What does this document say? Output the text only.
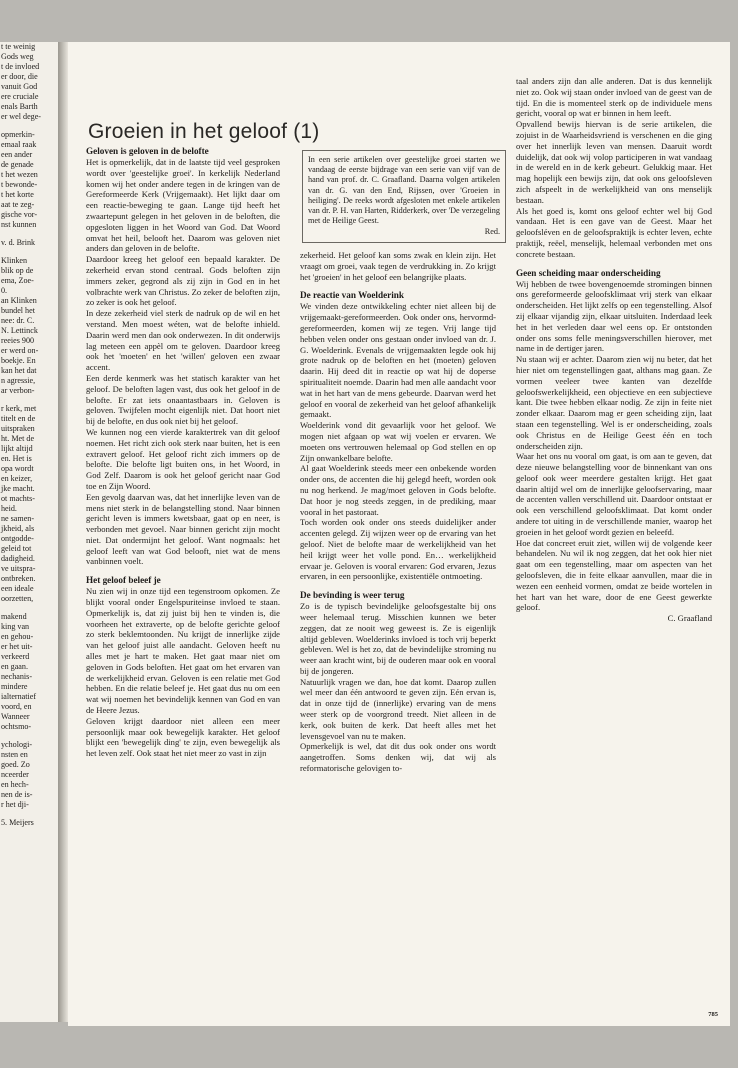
t te weinig

Gods weg

t de invloed

er door, die

vanuit God

ere cruciale

enals Barth

er wel dege-

opmerkin-

emaal raak

een ander

de genade

t het wezen

t bewonde-

t het korte

aat te zeg-

gische vor-

nst kunnen

v. d. Brink

Klinken

blik op de

ema, Zoe-

0.

an Klinken

bundel het

nee: dr. C.

N. Lettinck

reeies 900

er werd on-

boekje. En

kan het dat

n agressie,

ar verbon-

r kerk, met

titelt en de

uitspraken

ht. Met de

lijkt altijd

en. Het is

opa wordt

en keizer,

jke macht.

ot machts-

heid.

ne samen-

jkheid, als

ontgodde-

geleid tot

dadigheid.

ve uitspra-

ontbreken.

een ideale

oorzetten,

makend

king van

en gehou-

er het uit-

verkeerd

en gaan.

nechanis-

mindere

ialternatief

voord, en

Wanneer

ochtsmo-

ychologi-

nsten en

goed. Zo

nceerder

en hech-

nen de is-

r het dji-

5. Meijers

Groeien in het geloof (1)
Geloven is geloven in de belofte

Het is opmerkelijk, dat in de laatste tijd veel gesproken wordt over 'geestelijke groei'. In kerkelijk Nederland komen wij het onder andere tegen in de kringen van de Gereformeerde Kerk (Vrijgemaakt). Het lijkt daar om een reactie-beweging te gaan. Lange tijd heeft het zwaartepunt gelegen in het geloven in de beloften, die opgesloten liggen in het Woord van God. Dat Woord omvat het heil, belooft het. Daarom was geloven niet anders dan geloven in de belofte.

Daardoor kreeg het geloof een bepaald karakter. De zekerheid ervan stond centraal. Gods beloften zijn immers zeker, gegrond als zij zijn in God en in het volbrachte werk van Christus. Zo zeker de beloften zijn, zo zeker is ook het geloof.

In deze zekerheid viel sterk de nadruk op de wil en het verstand. Men moest wéten, wat de belofte inhield. Daarin werd men dan ook onderwezen. In dit onderwijs lag meteen een appèl om te geloven. Daardoor kreeg ook het 'moeten' en het 'willen' geloven een zwaar accent.

Een derde kenmerk was het statisch karakter van het geloof. De beloften lagen vast, dus ook het geloof in de belofte. Er zat iets onaantastbaars in. Geloven is geloven. Twijfelen mocht eigenlijk niet. Dat hoort niet bij de belofte, en dus ook niet bij het geloof.

We kunnen nog een vierde karaktertrek van dit geloof noemen. Het richt zich ook sterk naar buiten, het is een extravert geloof. Het geloof richt zich immers op de belofte. Die belofte ligt buiten ons, in het Woord, in God Zelf. Daarom is ook het geloof gericht naar God toe en Zijn Woord.

Een gevolg daarvan was, dat het innerlijke leven van de mens niet sterk in de belangstelling stond. Naar binnen gericht leven is immers kwetsbaar, gaat op en neer, is verbonden met gevoel. Naar binnen gericht zijn mocht niet. Dat ondermijnt het geloof. Want nogmaals: het geloof leeft van wat God belooft, niet wat de mens vanbinnen voelt.

Het geloof beleef je

Nu zien wij in onze tijd een tegenstroom opkomen. Ze blijkt vooral onder Engelspuriteinse invloed te staan. Opmerkelijk is, dat zij juist bij hen te vinden is, die voorheen het extraverte, op de belofte gerichte geloof zo sterk beklemtoonden. Nu krijgt de innerlijke zijde van het geloof juist alle aandacht. Geloven heeft nu alles met je hart te maken. Het gaat maar niet om geloven in Gods beloften. Het gaat om het ervaren van de werkelijkheid ervan. Geloven is een relatie met God hebben. En die relatie beleef je. Het gaat dus nu om een wat wij noemen het bevindelijk kennen van God en van de Heere Jezus.

Geloven krijgt daardoor niet alleen een meer persoonlijk maar ook bewegelijk karakter. Het geloof blijkt een 'bewegelijk ding' te zijn, even bewegelijk als het leven zelf. Ook staat het niet meer zo vast in zijn

In een serie artikelen over geestelijke groei starten we vandaag de eerste bijdrage van een serie van vijf van de hand van prof. dr. C. Graafland. Daarna volgen artikelen van dr. G. van den End, Rijssen, over 'Groeien in heiliging'. De reeks wordt afgesloten met enkele artikelen van dr. P. H. van Harten, Ridderkerk, over 'De verzegeling met de Heilige Geest.
Red.

zekerheid. Het geloof kan soms zwak en klein zijn. Het vraagt om groei, vaak tegen de verdrukking in. Zo krijgt het 'groeien' in het geloof een belangrijke plaats.

De reactie van Woelderink

We vinden deze ontwikkeling echter niet alleen bij de vrijgemaakt-gereformeerden. Ook onder ons, hervormd-gereformeerden, komen wij ze tegen. Vrij lange tijd hebben velen onder ons gestaan onder invloed van dr. J. G. Woelderink. Evenals de vrijgemaakten legde ook hij grote nadruk op de beloften en het (moeten) geloven daarin. Hij deed dit in reactie op wat hij de doperse spiritualiteit noemde. Daarin had men alle aandacht voor wat in het hart van de mens gebeurde. Daarvan werd het geloof en vooral de zekerheid van het geloof afhankelijk gemaakt.

Woelderink vond dit gevaarlijk voor het geloof. We mogen niet afgaan op wat wij voelen er ervaren. We moeten ons vertrouwen helemaal op God stellen en op Zijn onwankelbare belofte.

Al gaat Woelderink steeds meer een onbekende worden onder ons, de accenten die hij gelegd heeft, worden ook nu nog herkend. Je mag/moet geloven in Gods belofte. Dat hoor je nog steeds zeggen, in de prediking, maar vooral in het pastoraat.

Toch worden ook onder ons steeds duidelijker ander accenten gelegd. Zij wijzen weer op de ervaring van het geloof. Niet de belofte maar de werkelijkheid van het heil krijgt weer het volle pond. En… werkelijkheid ervaar je. Geloven is vooral ervaren: God ervaren, Jezus ervaren, in een persoonlijke, existentiële ontmoeting.

De bevinding is weer terug

Zo is de typisch bevindelijke geloofsgestalte bij ons weer helemaal terug. Misschien kunnen we beter zeggen, dat ze nooit weg geweest is. Ze is eigenlijk altijd gebleven. Woelderinks invloed is toch vrij beperkt gebleven. Wel is het zo, dat de bevindelijke stroming nu weer aan kracht wint, bij de ouderen maar ook en vooral bij de jongeren.

Natuurlijk vragen we dan, hoe dat komt. Daarop zullen wel meer dan één antwoord te geven zijn. Eén ervan is, dat in onze tijd de (innerlijke) ervaring van de mens weer sterk op de voorgrond treedt. Niet alleen in de kerk, ook buiten de kerk. Dat heeft alles met het levensgevoel van nu te maken.

Opmerkelijk is wel, dat dit dus ook onder ons wordt aangetroffen. Soms denken wij, dat wij als reformatorische gelovigen to-

taal anders zijn dan alle anderen. Dat is dus kennelijk niet zo. Ook wij staan onder invloed van de geest van de tijd. En die is momenteel sterk op de individuele mens gericht, vooral op wat er binnen in hem leeft.

Opvallend bewijs hiervan is de serie artikelen, die zojuist in de Waarheidsvriend is verschenen en die ging over het innerlijk leven van mensen. Daaruit wordt duidelijk, dat ook wij volop participeren in wat vandaag in de wereld en in de kerk gebeurt. Gelukkig maar. Het mag hopelijk een bewijs zijn, dat ook ons geloofsleven zich afspeelt in de werkelijkheid van ons menselijk bestaan.

Als het goed is, komt ons geloof echter wel bij God vandaan. Het is een gave van de Geest. Maar het geloofsléven en de geloofspraktijk is echter leven, echte praktijk, reëel, menselijk, helemaal verbonden met ons concrete bestaan.

Geen scheiding maar onderscheiding

Wij hebben de twee bovengenoemde stromingen binnen ons gereformeerde geloofsklimaat vrij sterk van elkaar onderscheiden. Het lijkt zelfs op een tegenstelling. Alsof zij elkaar vijandig zijn, elkaar uitsluiten. Inderdaad leek het in het verleden daar wel eens op. Er ontstonden onder ons soms felle meningsverschillen hierover, met name in de dertiger jaren.

Nu staan wij er achter. Daarom zien wij nu beter, dat het hier niet om tegenstellingen gaat, althans mag gaan. Ze vormen veeleer twee kanten van dezelfde geloofswerkelijkheid, een objectieve en een subjectieve kant. Die twee hebben elkaar nodig. Ze zijn in feite niet zonder elkaar. Daarom mag er geen scheiding zijn, laat staan een tegenstelling. Wel is er onderscheiding, zoals ook Christus en de Heilige Geest één en toch onderscheiden zijn.

Waar het ons nu vooral om gaat, is om aan te geven, dat deze nieuwe belangstelling voor de binnenkant van ons geloof ook weer meerdere gestalten krijgt. Het gaat daarin altijd wel om de innerlijke geloofservaring, maar de accenten vallen verschillend uit. Daardoor ontstaat er ook een verschillend geloofsklimaat. Dat komt onder andere tot uiting in de verschillende manier, waarop het groeien in het geloof wordt gezien en beleefd.

Hoe dat concreet eruit ziet, willen wij de volgende keer behandelen. Nu wil ik nog zeggen, dat het ook hier niet gaat om een tegenstelling, maar om aspecten van het geloofsleven, die in feite elkaar aanvullen, maar die in wezen een eenheid vormen, omdat ze beide wortelen in het hart van het ware, door de ene Geest gewerkte geloof.

C. Graafland

785
